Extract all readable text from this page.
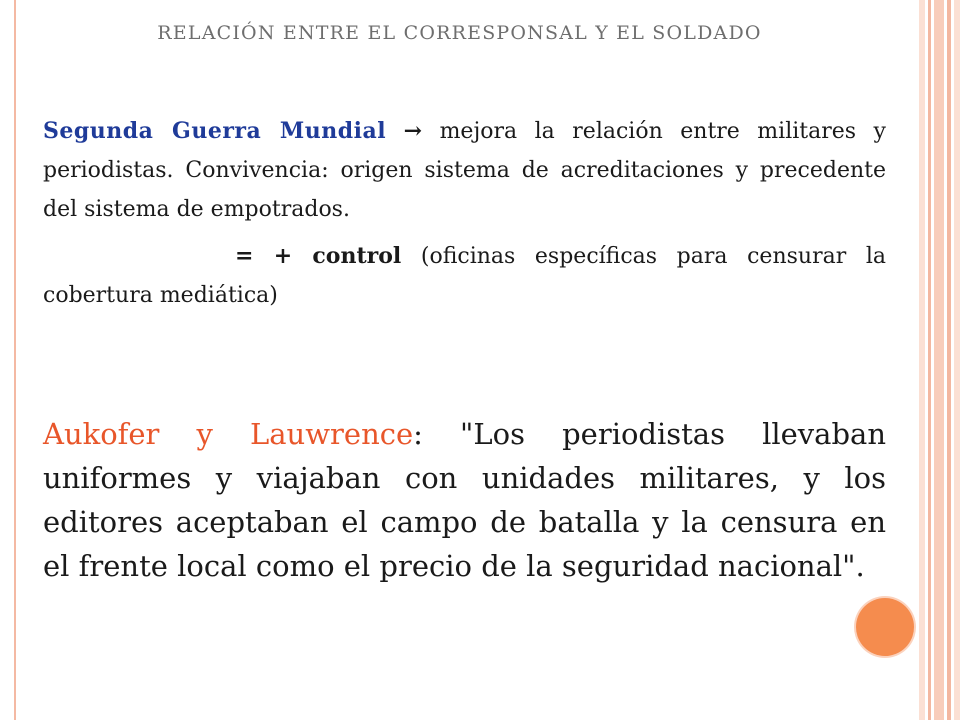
RELACIÓN ENTRE EL CORRESPONSAL Y EL SOLDADO
Segunda Guerra Mundial → mejora la relación entre militares y periodistas. Convivencia: origen sistema de acreditaciones y precedente del sistema de empotrados.
= + control (oficinas específicas para censurar la cobertura mediática)
Aukofer y Lauwrence: "Los periodistas llevaban uniformes y viajaban con unidades militares, y los editores aceptaban el campo de batalla y la censura en el frente local como el precio de la seguridad nacional".
